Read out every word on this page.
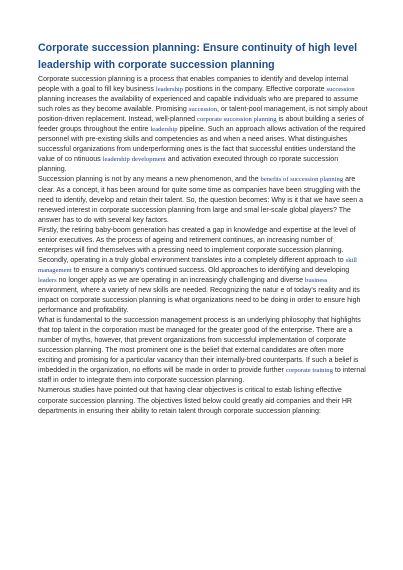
Corporate succession planning: Ensure continuity of high level leadership with corporate succession planning

Corporate succession planning is a process that enables companies to identify and develop internal people with a goal to fill key business leadership positions in the company. Effective corporate succession planning increases the availability of experienced and capable individuals who are prepared to assume such roles as they become available. Promising succession, or talent-pool management, is not simply about position-driven replacement. Instead, well-planned corporate succession planning is about building a series of feeder groups throughout the entire leadership pipeline. Such an approach allows activation of the required personnel with pre-existing skills and competencies as and when a need arises. What distinguishes successful organizations from underperforming ones is the fact that successful entities understand the value of co ntinuous leadership development and activation executed through co rporate succession planning.

Succession planning is not by any means a new phenomenon, and the benefits of succession planning are clear. As a concept, it has been around for quite some time as companies have been struggling with the need to identify, develop and retain their talent. So, the question becomes: Why is it that we have seen a renewed interest in corporate succession planning from large and smal ler-scale global players? The answer has to do with several key factors.

Firstly, the retiring baby-boom generation has created a gap in knowledge and expertise at the level of senior executives. As the process of ageing and retirement continues, an increasing number of enterprises will find themselves with a pressing need to implement corporate succession planning. Secondly, operating in a truly global environment translates into a completely different approach to skill management to ensure a company's continued success. Old approaches to identifying and developing leaders no longer apply as we are operating in an increasingly challenging and diverse business environment, where a variety of new skills are needed. Recognizing the natur e of today's reality and its impact on corporate succession planning is what organizations need to be doing in order to ensure high performance and profitability.

What is fundamental to the succession management process is an underlying philosophy that highlights that top talent in the corporation must be managed for the greater good of the enterprise. There are a number of myths, however, that prevent organizations from successful implementation of corporate succession planning. The most prominent one is the belief that external candidates are often more exciting and promising for a particular vacancy than their internally-bred counterparts. If such a belief is imbedded in the organization, no efforts will be made in order to provide further corporate training to internal staff in order to integrate them into corporate succession planning.

Numerous studies have pointed out that having clear objectives is critical to estab lishing effective corporate succession planning. The objectives listed below could greatly aid companies and their HR departments in ensuring their ability to retain talent through corporate succession planning:
